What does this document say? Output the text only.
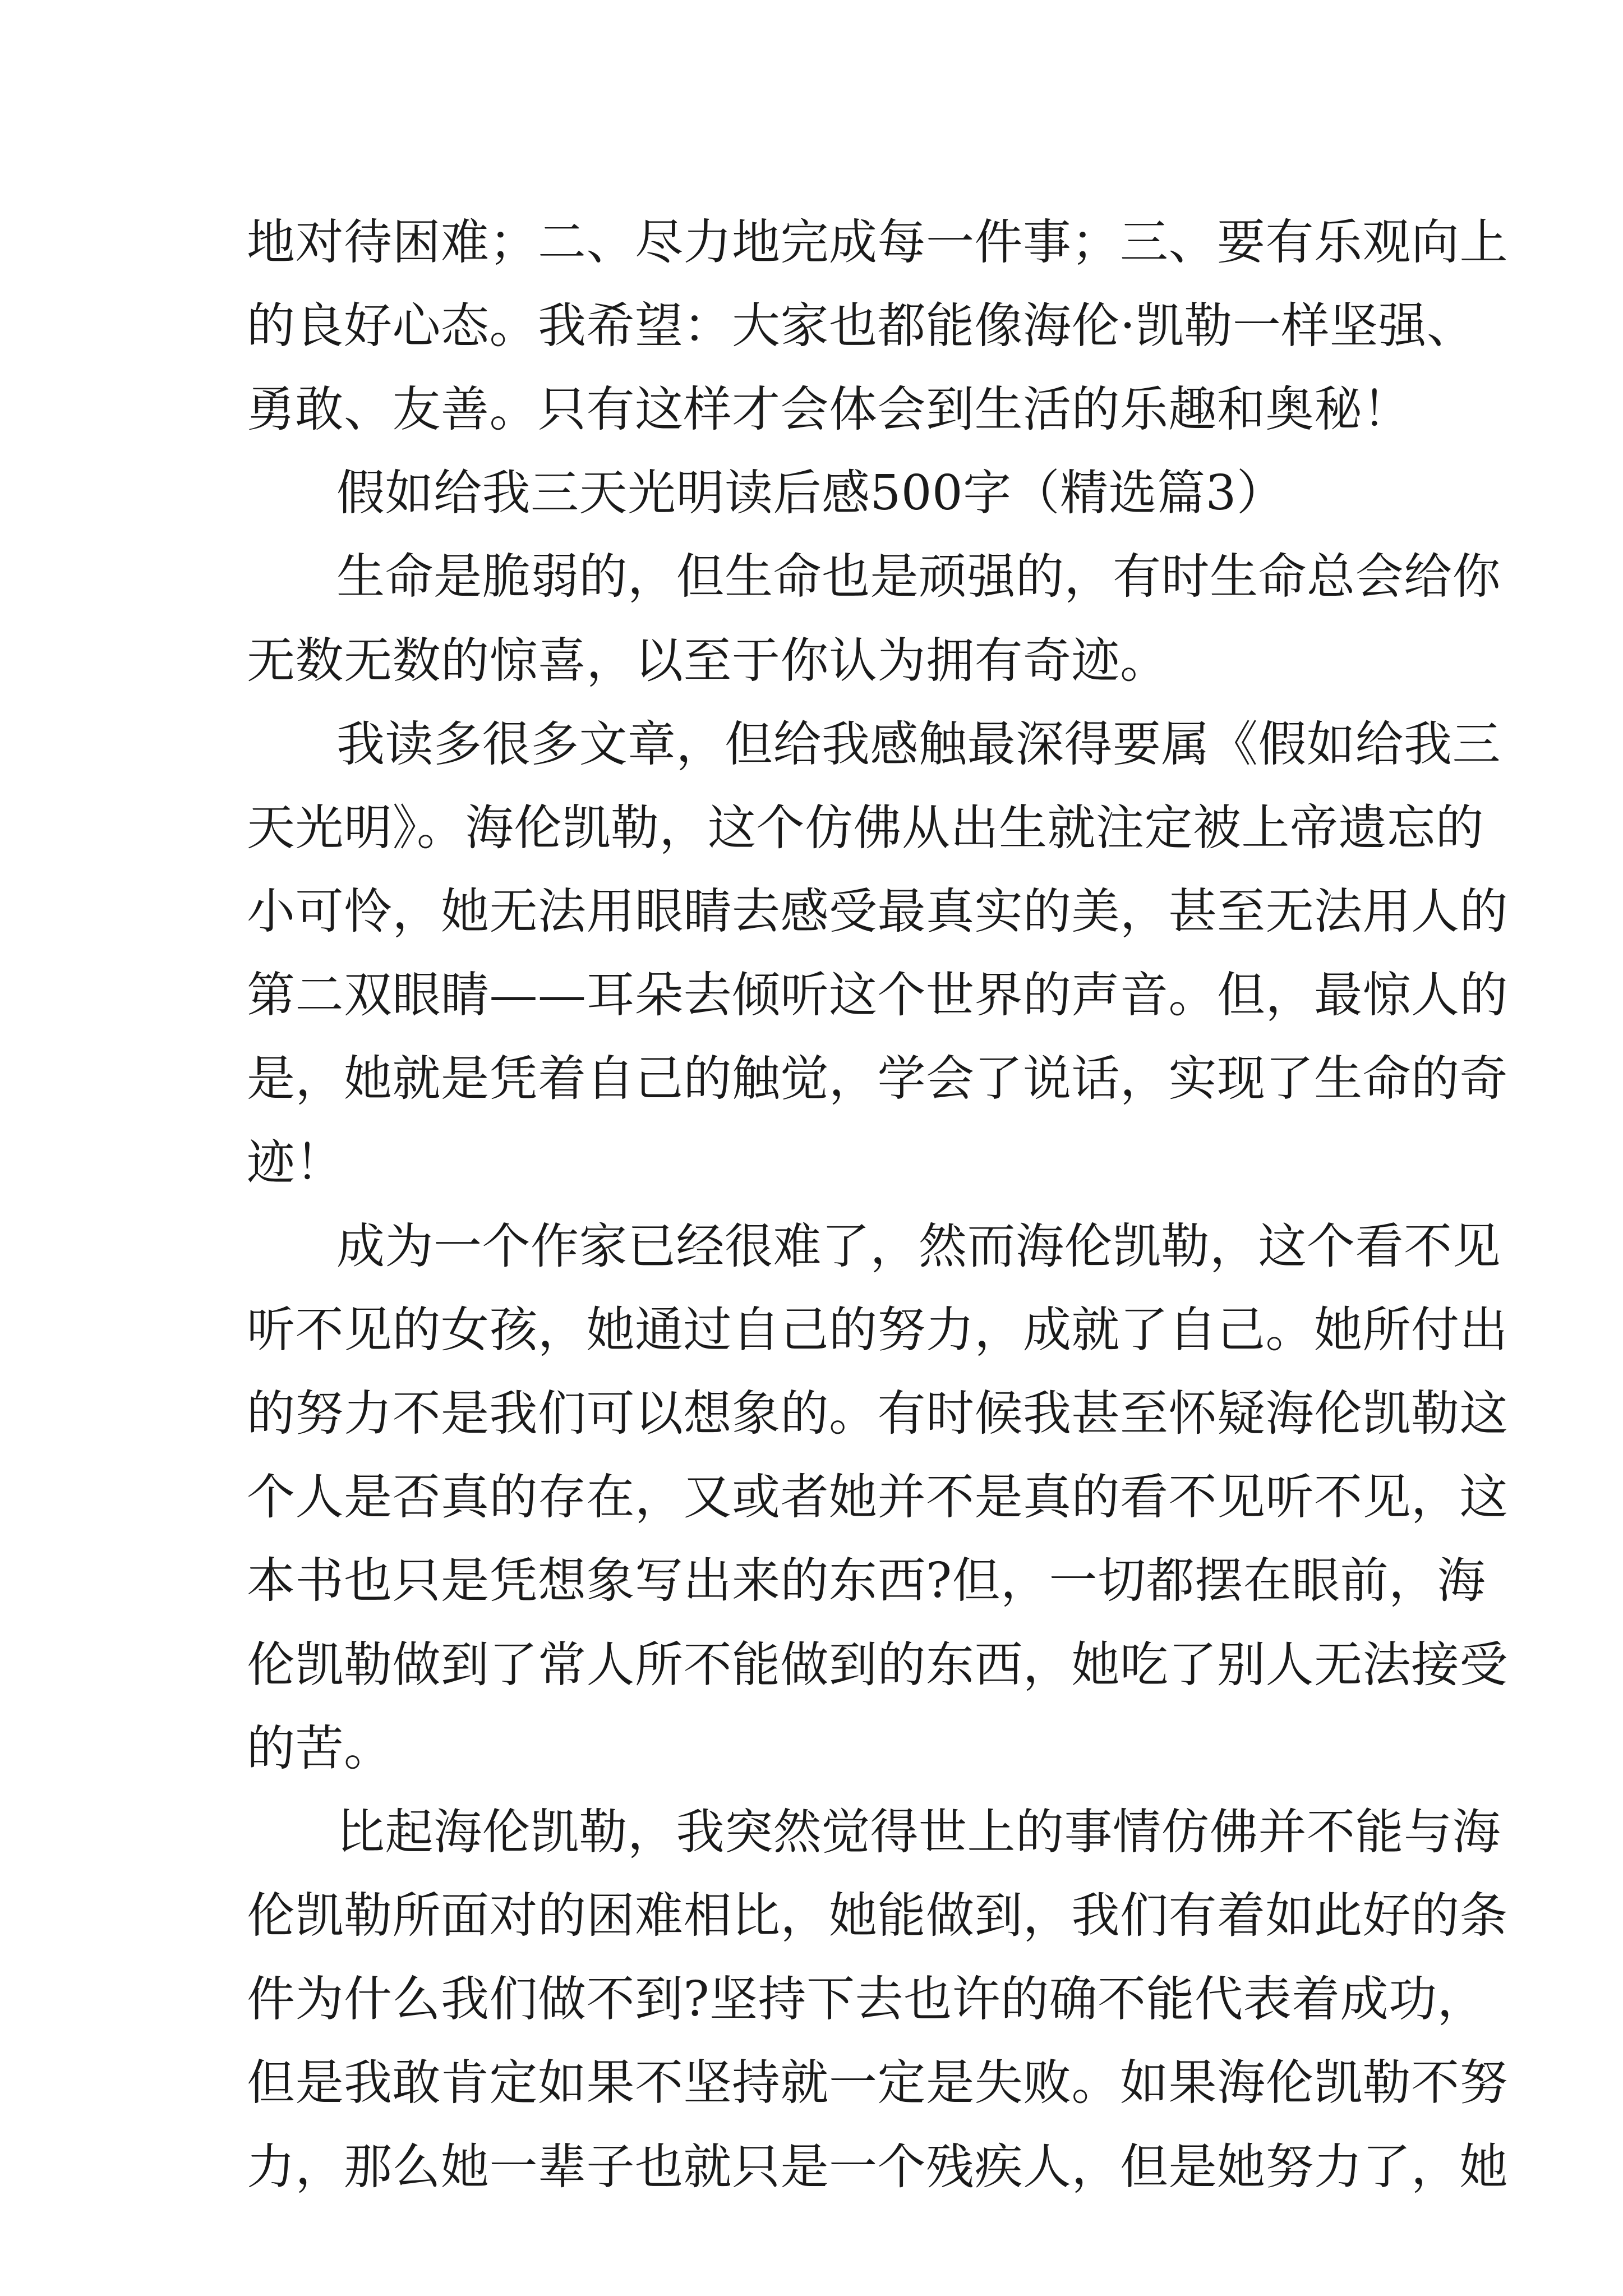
地对待困难；二、尽力地完成每一件事；三、要有乐观向上
的良好心态。我希望：大家也都能像海伦·凯勒一样坚强、
勇敢、友善。只有这样才会体会到生活的乐趣和奥秘！
假如给我三天光明读后感500字（精选篇3）
生命是脆弱的，但生命也是顽强的，有时生命总会给你
无数无数的惊喜，以至于你认为拥有奇迹。
我读多很多文章，但给我感触最深得要属《假如给我三
天光明》。海伦凯勒，这个仿佛从出生就注定被上帝遗忘的
小可怜，她无法用眼睛去感受最真实的美，甚至无法用人的
第二双眼睛——耳朵去倾听这个世界的声音。但，最惊人的
是，她就是凭着自己的触觉，学会了说话，实现了生命的奇
迹！
成为一个作家已经很难了，然而海伦凯勒，这个看不见
听不见的女孩，她通过自己的努力，成就了自己。她所付出
的努力不是我们可以想象的。有时候我甚至怀疑海伦凯勒这
个人是否真的存在，又或者她并不是真的看不见听不见，这
本书也只是凭想象写出来的东西?但，一切都摆在眼前，海
伦凯勒做到了常人所不能做到的东西，她吃了别人无法接受
的苦。
比起海伦凯勒，我突然觉得世上的事情仿佛并不能与海
伦凯勒所面对的困难相比，她能做到，我们有着如此好的条
件为什么我们做不到?坚持下去也许的确不能代表着成功，
但是我敢肯定如果不坚持就一定是失败。如果海伦凯勒不努
力，那么她一辈子也就只是一个残疾人，但是她努力了，她
